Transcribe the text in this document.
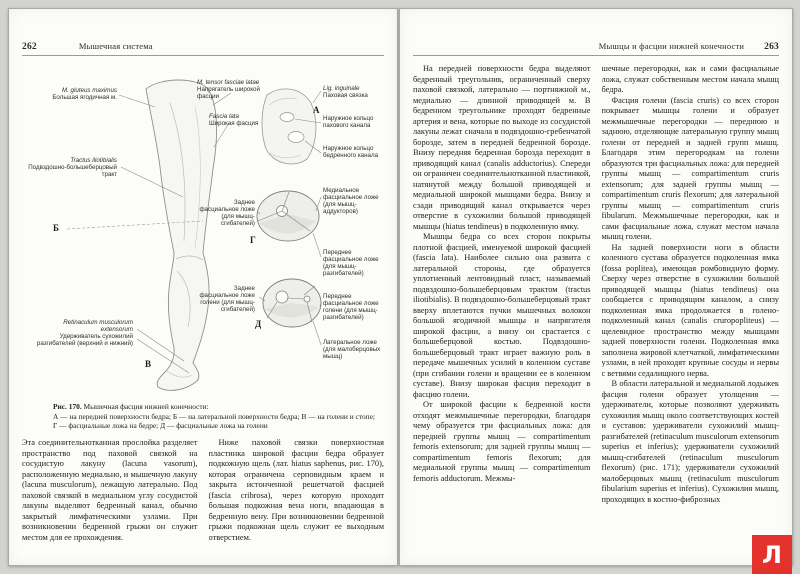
262	Мышечная система
M. gluteus maximus
Большая ягодичная м.
M. tensor fasciae latae
Напрягатель широкой фасции
Fascia lata
Широкая фасция
Lig. inguinale
Паховая связка
Наружное кольцо пахового канала
Наружное кольцо бедренного канала
Tractus iliotibialis
Подвздошно-большеберцовый тракт
Медиальное фасциальное ложе (для мышц-аддукторов)
Заднее фасциальное ложе (для мышц-сгибателей)
Переднее фасциальное ложе (для мышц-разгибателей)
Заднее фасциальное ложе голени (для мышц-сгибателей)
Переднее фасциальное ложе голени (для мышц-разгибателей)
Латеральное ложе (для малоберцовых мышц)
Retinaculum musculorum extensorum
Удерживатель сухожилий разгибателей (верхний и нижний)
А
Б
В
Г
Д
Рис. 170. Мышечная фасция нижней конечности:
А — на передней поверхности бедра; Б — на латеральной поверхности бедра; В — на голени и стопе;
Г — фасциальные ложа на бедре; Д — фасциальные ложа на голени

Эта соединительнотканная прослойка разделяет пространство под паховой связкой на сосудистую лакуну (lacuna vasorum), расположенную медиально, и мышечную лакуну (lacuna musculorum), лежащую латерально. Под паховой связкой в медиальном углу сосудистой лакуны выделяют бедренный канал, обычно закрытый лимфатическими узлами. При возникновении бедренной грыжи он служит местом для ее прохождения.

Ниже паховой связки поверхностная пластинка широкой фасции бедра образует подкожную щель (лат. hiatus saphenus, рис. 170), которая ограничена серповидным краем и закрыта истонченной решетчатой фасцией (fascia cribrosa), через которую проходит большая подкожная вена ноги, впадающая в бедренную вену. При возникновении бедренной грыжи подкожная щель служит ее выходным отверстием.

Мышцы и фасции нижней конечности 263

На передней поверхности бедра выделяют бедренный треугольник, ограниченный сверху паховой связкой, латерально — портняжной м., медиально — длинной приводящей м. В бедренном треугольнике проходят бедренные артерия и вена, которые по выходе из сосудистой лакуны лежат сначала в подвздошно-гребенчатой борозде, затем в передней бедренной борозде. Внизу передняя бедренная борозда переходит в приводящий канал (canalis adductorius). Спереди он ограничен соединительнотканной пластинкой, натянутой между большой приводящей и медиальной широкой мышцами бедра. Внизу и сзади приводящий канал открывается через отверстие в сухожилии большой приводящей мышцы (hiatus tendineus) в подколенную ямку.

Мышцы бедра со всех сторон покрыты плотной фасцией, именуемой широкой фасцией (fascia lata). Наиболее сильно она развита с латеральной стороны, где образуется уплотненный лентовидный пласт, называемый подвздошно-большеберцовым трактом (tractus iliotibialis). В подвздошно-большеберцовый тракт вверху вплетаются пучки мышечных волокон большой ягодичной мышцы и напрягателя широкой фасции, а внизу он срастается с большеберцовой костью. Подвздошно-большеберцовый тракт играет важную роль в передаче мышечных усилий в коленном суставе (при сгибании голени и вращении ее в коленном суставе). Внизу широкая фасция переходит в фасцию голени.

От широкой фасции к бедренной кости отходят межмышечные перегородки, благодаря чему образуется три фасциальных ложа: для передней группы мышц — compartimentum femoris extensorum; для задней группы мышц — compartimentum femoris flexorum; для медиальной группы мышц — compartimentum femoris adductorum. Межмы-

шечные перегородки, как и сами фасциальные ложа, служат собственным местом начала мышц бедра.

Фасция голени (fascia cruris) со всех сторон покрывает мышцы голени и образует межмышечные перегородки — переднюю и заднюю, отделяющие латеральную группу мышц голени от передней и задней групп мышц. Благодаря этим перегородкам на голени образуются три фасциальных ложа: для передней группы мышц — compartimentum cruris extensorum; для задней группы мышц — compartimentum cruris flexorum; для латеральной группы мышц — compartimentum cruris fibularum. Межмышечные перегородки, как и сами фасциальные ложа, служат местом начала мышц голени.

На задней поверхности ноги в области коленного сустава образуется подколенная ямка (fossa poplitea), имеющая ромбовидную форму. Сверху через отверстие в сухожилии большой приводящей мышцы (hiatus tendineus) она сообщается с приводящим каналом, а снизу подколенная ямка продолжается в голено-подколенный канал (canalis cruropopliteus) — щелевидное пространство между мышцами задней поверхности голени. Подколенная ямка заполнена жировой клетчаткой, лимфатическими узлами, в ней проходят крупные сосуды и нервы с ветвями седалищного нерва.

В области латеральной и медиальной лодыжек фасция голени образует утолщения — удерживатели, которые позволяют удерживать сухожилия мышц около соответствующих костей и суставов: удерживатели сухожилий мышц-разгибателей (retinaculum musculorum extensorum superius et inferius); удерживатели сухожилий мышц-сгибателей (retinaculum musculorum flexorum) (рис. 171); удерживатели сухожилий малоберцовых мышц (retinaculum musculorum fibularium superius et inferius). Сухожилия мышц, проходящих в костно-фиброзных

Л
